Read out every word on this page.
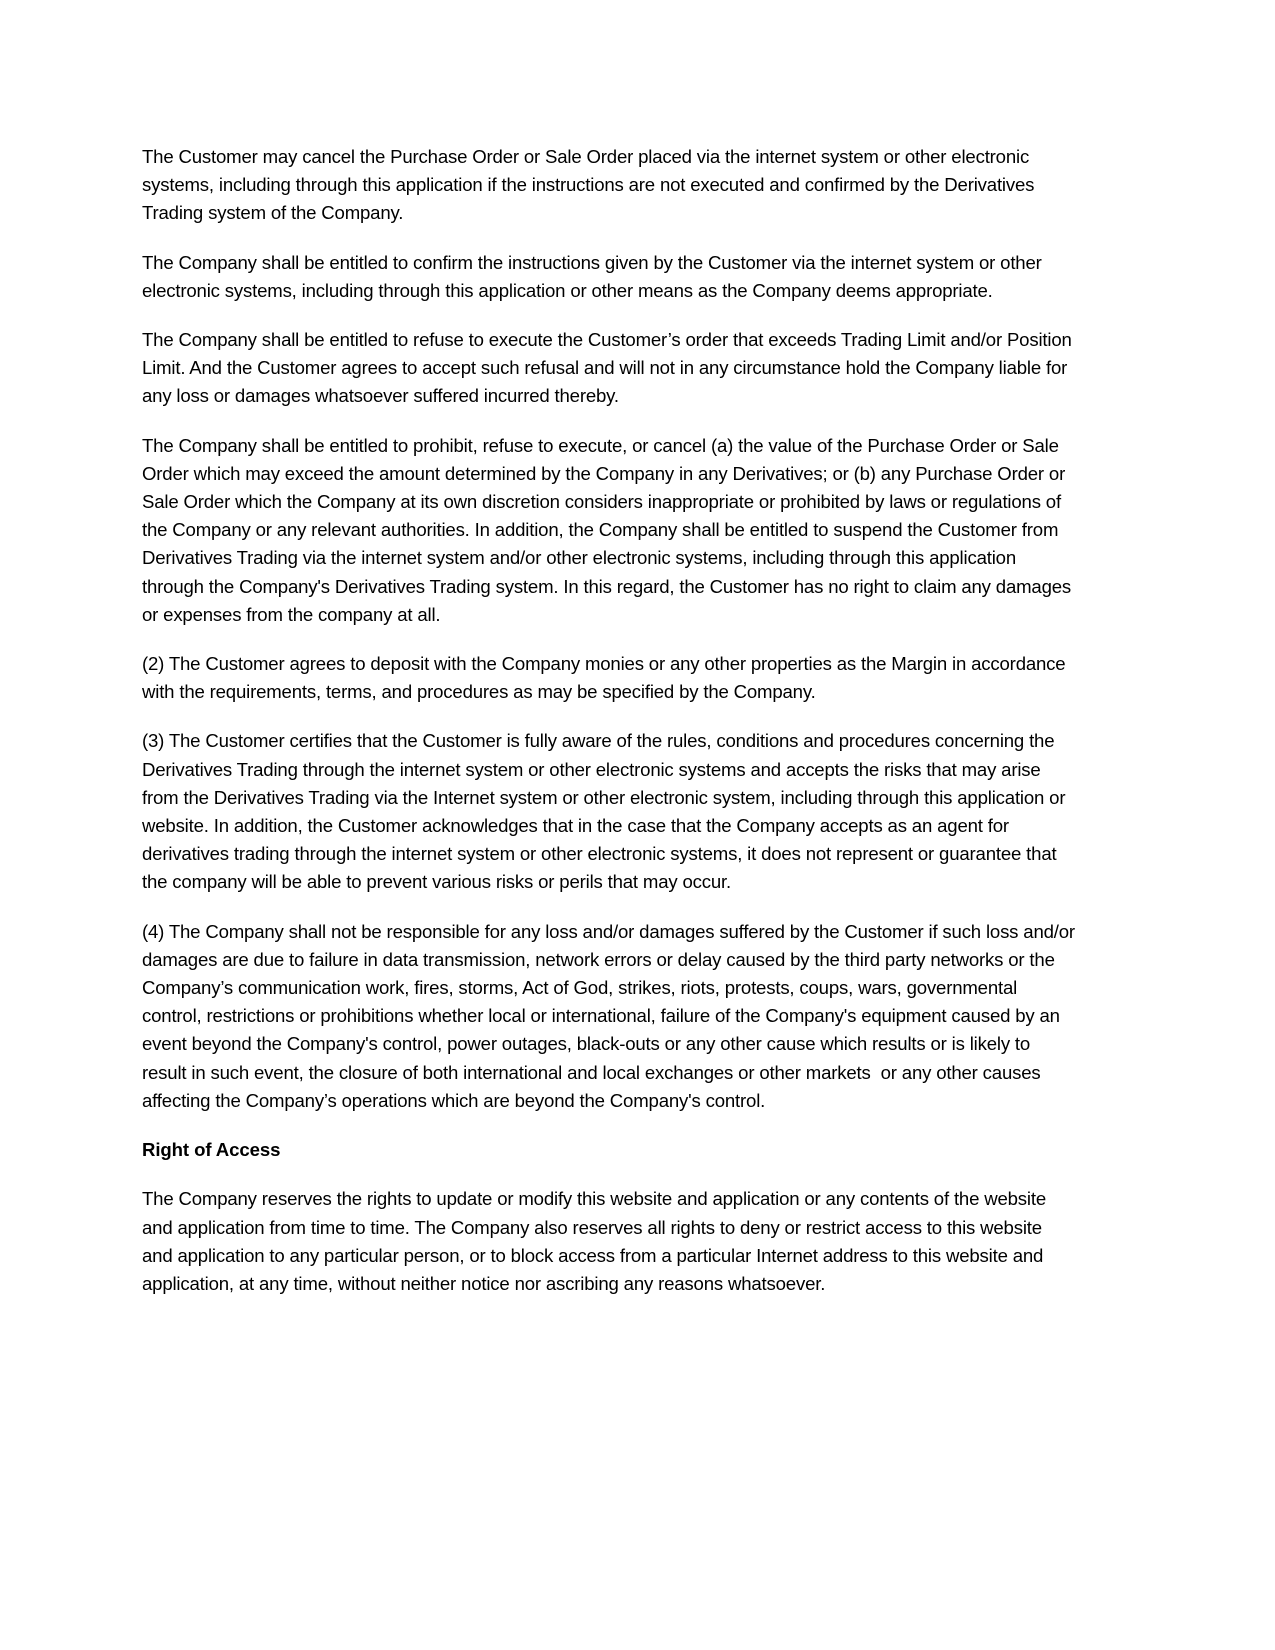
The Customer may cancel the Purchase Order or Sale Order placed via the internet system or other electronic systems, including through this application if the instructions are not executed and confirmed by the Derivatives Trading system of the Company.

The Company shall be entitled to confirm the instructions given by the Customer via the internet system or other electronic systems, including through this application or other means as the Company deems appropriate.

The Company shall be entitled to refuse to execute the Customer’s order that exceeds Trading Limit and/or Position Limit. And the Customer agrees to accept such refusal and will not in any circumstance hold the Company liable for any loss or damages whatsoever suffered incurred thereby.

The Company shall be entitled to prohibit, refuse to execute, or cancel (a) the value of the Purchase Order or Sale Order which may exceed the amount determined by the Company in any Derivatives; or (b) any Purchase Order or Sale Order which the Company at its own discretion considers inappropriate or prohibited by laws or regulations of the Company or any relevant authorities. In addition, the Company shall be entitled to suspend the Customer from Derivatives Trading via the internet system and/or other electronic systems, including through this application through the Company's Derivatives Trading system. In this regard, the Customer has no right to claim any damages or expenses from the company at all.

(2) The Customer agrees to deposit with the Company monies or any other properties as the Margin in accordance with the requirements, terms, and procedures as may be specified by the Company.

(3) The Customer certifies that the Customer is fully aware of the rules, conditions and procedures concerning the Derivatives Trading through the internet system or other electronic systems and accepts the risks that may arise from the Derivatives Trading via the Internet system or other electronic system, including through this application or website. In addition, the Customer acknowledges that in the case that the Company accepts as an agent for derivatives trading through the internet system or other electronic systems, it does not represent or guarantee that the company will be able to prevent various risks or perils that may occur.

(4) The Company shall not be responsible for any loss and/or damages suffered by the Customer if such loss and/or damages are due to failure in data transmission, network errors or delay caused by the third party networks or the Company’s communication work, fires, storms, Act of God, strikes, riots, protests, coups, wars, governmental control, restrictions or prohibitions whether local or international, failure of the Company's equipment caused by an event beyond the Company's control, power outages, black-outs or any other cause which results or is likely to result in such event, the closure of both international and local exchanges or other markets  or any other causes affecting the Company’s operations which are beyond the Company's control.

Right of Access

The Company reserves the rights to update or modify this website and application or any contents of the website and application from time to time. The Company also reserves all rights to deny or restrict access to this website and application to any particular person, or to block access from a particular Internet address to this website and application, at any time, without neither notice nor ascribing any reasons whatsoever.
